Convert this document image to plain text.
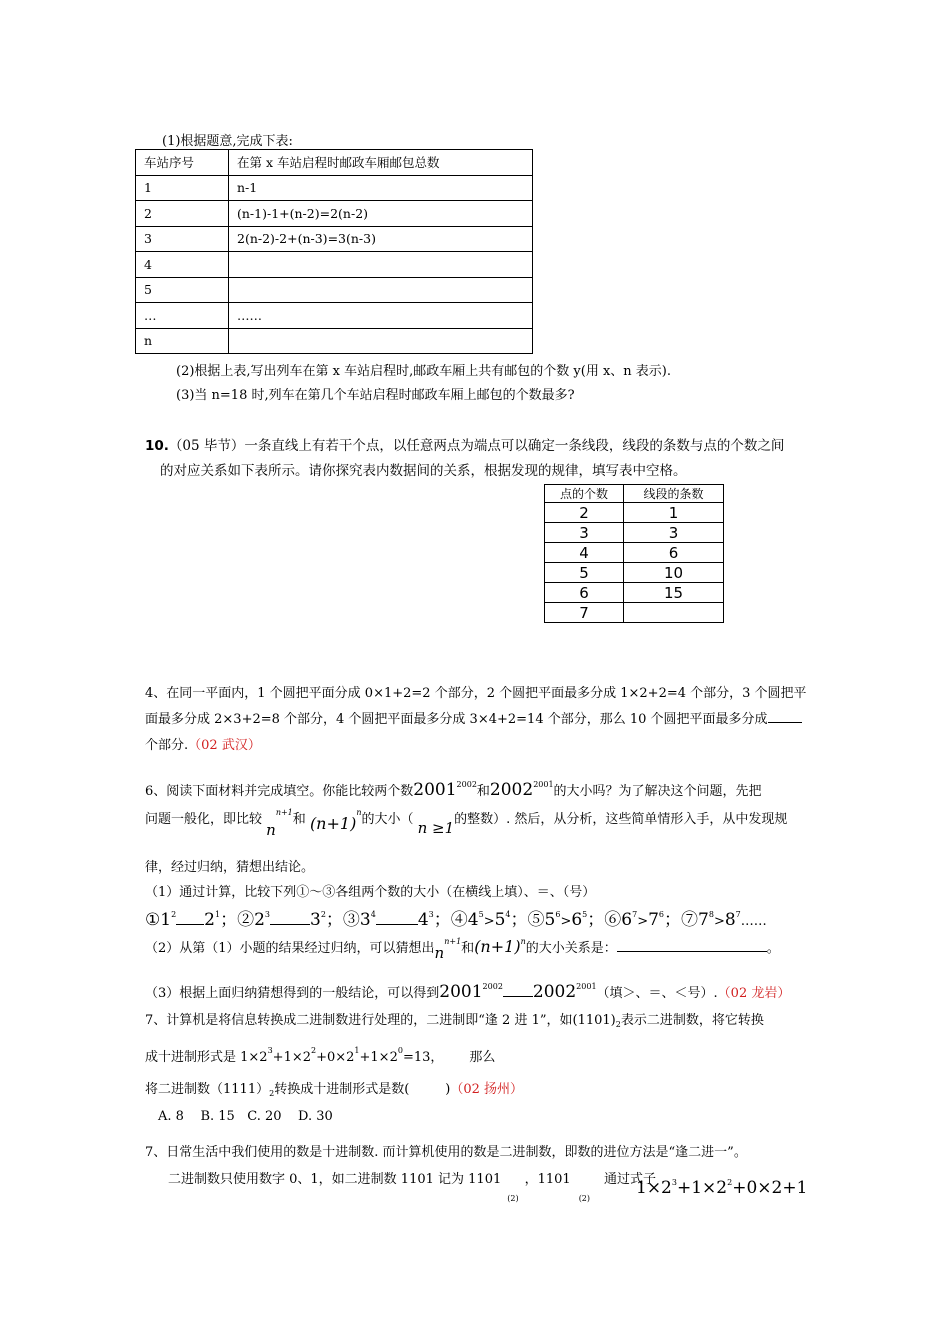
(1)根据题意,完成下表:
车站序号	在第 x 车站启程时邮政车厢邮包总数
1	n-1
2	(n-1)-1+(n-2)=2(n-2)
3	2(n-2)-2+(n-3)=3(n-3)
4	
5	
…	……
n	
(2)根据上表,写出列车在第 x 车站启程时,邮政车厢上共有邮包的个数 y(用 x、n 表示).
(3)当 n=18 时,列车在第几个车站启程时邮政车厢上邮包的个数最多?
10.（05 毕节）一条直线上有若干个点，以任意两点为端点可以确定一条线段，线段的条数与点的个数之间
的对应关系如下表所示。请你探究表内数据间的关系，根据发现的规律，填写表中空格。
点的个数	线段的条数
2	1
3	3
4	6
5	10
6	15
7	
4、在同一平面内，1 个圆把平面分成 0×1+2=2 个部分，2 个圆把平面最多分成 1×2+2=4 个部分，3 个圆把平
面最多分成 2×3+2=8 个部分，4 个圆把平面最多分成 3×4+2=14 个部分，那么 10 个圆把平面最多分成
个部分.（02 武汉）
6、阅读下面材料并完成填空。你能比较两个数$2001^{2002}$和$2002^{2001}$的大小吗？为了解决这个问题，先把
问题一般化，即比较 $n^{n+1}$和 $(n+1)^n$的大小（ n ≥1的整数）. 然后，从分析，这些简单情形入手，从中发现规
律，经过归纳，猜想出结论。
（1）通过计算，比较下列①～③各组两个数的大小（在横线上填）、＝、（号）
$①1^2$ $2^1$；$②2^3$ $3^2$；$③3^4$ $4^3$；$④4^5>5^4$；$⑤5^6>6^5$；$⑥6^7>7^6$；$⑦7^8>8^7\dots\dots$
（2）从第（1）小题的结果经过归纳，可以猜想出$n^{n+1}$和$(n+1)^n$的大小关系是：	。
（3）根据上面归纳猜想得到的一般结论，可以得到$2001^{2002}$ $2002^{2001}$（填＞、＝、＜号）.（02 龙岩）
7、计算机是将信息转换成二进制数进行处理的，二进制即“逢 2 进 1”，如$(1101)_2$表示二进制数，将它转换
成十进制形式是 $1\times 2^3+1\times 2^2+0\times 2^1+1\times 2^0=13$， 那么
将二进制数$(1111)_2$转换成十进制形式是数(	)（02 扬州）
A. 8    B. 15   C. 20    D. 30
7、日常生活中我们使用的数是十进制数. 而计算机使用的数是二进制数，即数的进位方法是“逢二进一”。
二进制数只使用数字 0、1，如二进制数 1101 记为 $1101_{(2)}$，$1101_{(2)}$通过式子
$1\times 2^3+1\times 2^2+0\times 2+1$
